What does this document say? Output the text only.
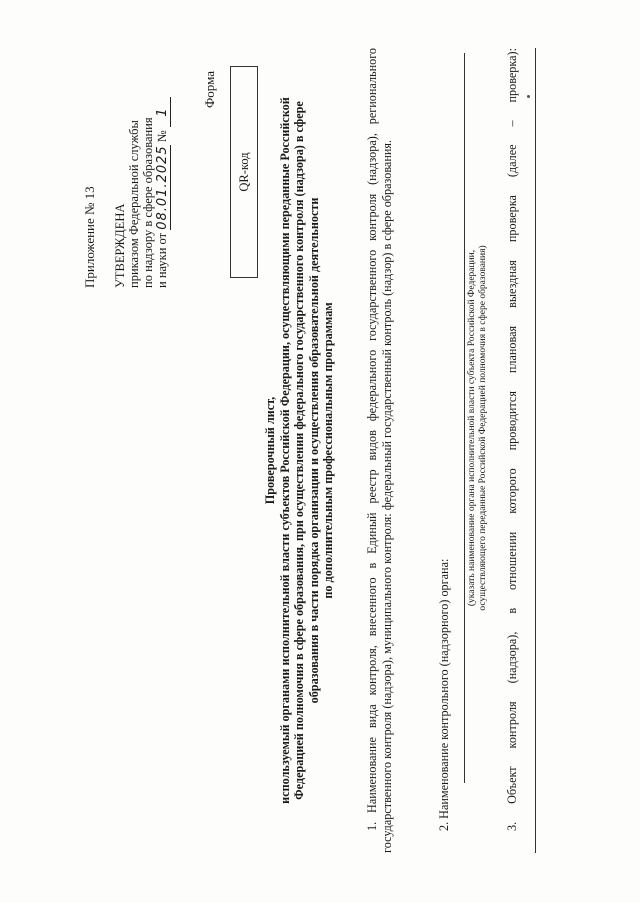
Приложение № 13 УТВЕРЖДЕНА приказом Федеральной службы по надзору в сфере образования и науки от 08.01.2025 № 1
Форма
QR-код
Проверочный лист, используемый органами исполнительной власти субъектов Российской Федерации, осуществляющими переданные Российской Федерацией полномочия в сфере образования, при осуществлении федерального государственного контроля (надзора) в сфере образования в части порядка организации и осуществления образовательной деятельности по дополнительным профессиональным программам 1. Наименование вида контроля, внесенного в Единый реестр видов федерального государственного контроля (надзора), регионального государственного контроля (надзора), муниципального контроля: федеральный государственный контроль (надзор) в сфере образования.	2. Наименование контрольного (надзорного) органа:
(указать наименование органа исполнительной власти субъекта Российской Федерации, осуществляющего переданные Российской Федерацией полномочия в сфере образования) 3. Объект контроля (надзора), в отношении которого проводится плановая выездная проверка (далее – проверка):
